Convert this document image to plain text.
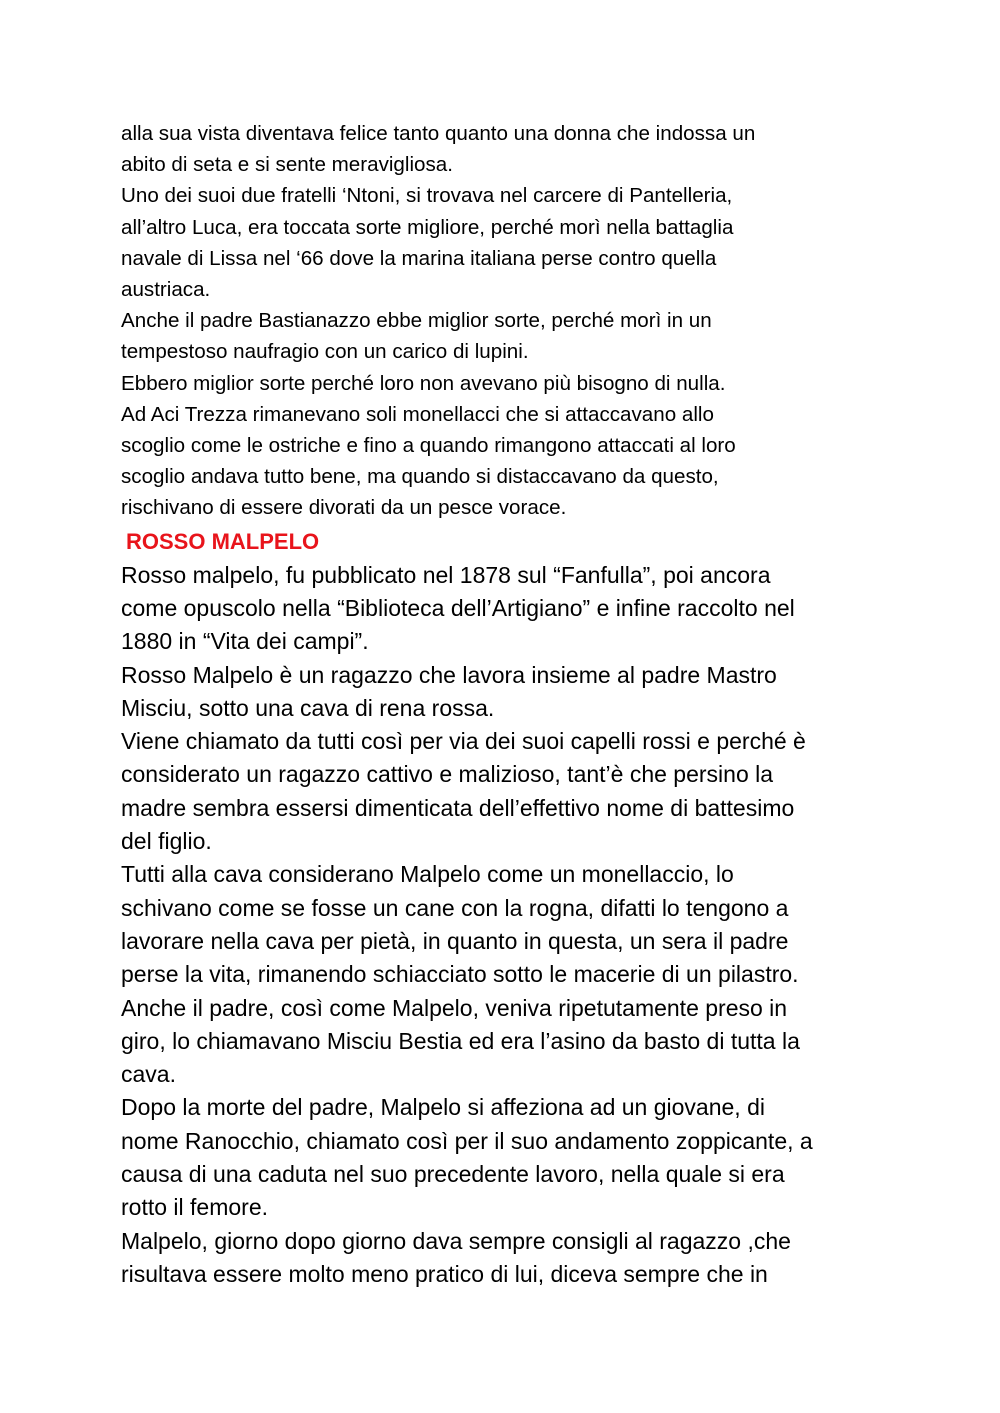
alla sua vista diventava felice tanto quanto una donna che indossa un
abito di seta e si sente meravigliosa.
Uno dei suoi due fratelli ‘Ntoni, si trovava nel carcere di Pantelleria,
all’altro Luca, era toccata sorte migliore, perché morì nella battaglia
navale di Lissa nel ‘66 dove la marina italiana perse contro quella
austriaca.
Anche il padre Bastianazzo ebbe miglior sorte, perché morì in un
tempestoso naufragio con un carico di lupini.
Ebbero miglior sorte perché loro non avevano più bisogno di nulla.
Ad Aci Trezza rimanevano soli monellacci che si attaccavano allo
scoglio come le ostriche e fino a quando rimangono attaccati al loro
scoglio andava tutto bene, ma quando si distaccavano da questo,
rischivano di essere divorati da un pesce vorace.
ROSSO MALPELO
Rosso malpelo, fu pubblicato nel 1878 sul “Fanfulla”, poi ancora
come opuscolo nella “Biblioteca dell’Artigiano” e infine raccolto nel
1880 in “Vita dei campi”.
Rosso Malpelo è un ragazzo che lavora insieme al padre Mastro
Misciu, sotto una cava di rena rossa.
Viene chiamato da tutti così per via dei suoi capelli rossi e perché è
considerato un ragazzo cattivo e malizioso, tant’è che persino la
madre sembra essersi dimenticata dell’effettivo nome di battesimo
del figlio.
Tutti alla cava considerano Malpelo come un monellaccio, lo
schivano come se fosse un cane con la rogna, difatti lo tengono a
lavorare nella cava per pietà, in quanto in questa, un sera il padre
perse la vita, rimanendo schiacciato sotto le macerie di un pilastro.
Anche il padre, così come Malpelo, veniva ripetutamente preso in
giro, lo chiamavano Misciu Bestia ed era l’asino da basto di tutta la
cava.
Dopo la morte del padre, Malpelo si affeziona ad un giovane, di
nome Ranocchio, chiamato così per il suo andamento zoppicante, a
causa di una caduta nel suo precedente lavoro, nella quale si era
rotto il femore.
Malpelo, giorno dopo giorno dava sempre consigli al ragazzo ,che
risultava essere molto meno pratico di lui, diceva sempre che in
